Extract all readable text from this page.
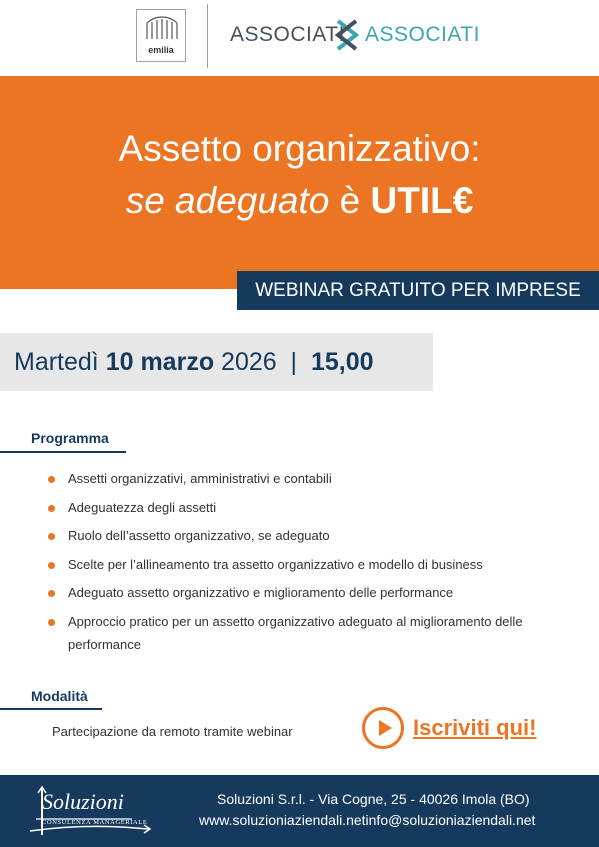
emilia
ASSOCIATI ASSOCIATI
Assetto organizzativo:
se adeguato è UTIL€
WEBINAR GRATUITO PER IMPRESE
Martedì 10 marzo 2026  |  15,00
Programma
Assetti organizzativi, amministrativi e contabili
Adeguatezza degli assetti
Ruolo dell’assetto organizzativo, se adeguato
Scelte per l’allineamento tra assetto organizzativo e modello di business
Adeguato assetto organizzativo e miglioramento delle performance
Approccio pratico per un assetto organizzativo adeguato al miglioramento delle performance
Modalità
Partecipazione da remoto tramite webinar	Iscriviti qui!
Soluzioni
CONSULENZA MANAGERIALE
Soluzioni S.r.l. - Via Cogne, 25 - 40026 Imola (BO)
www.soluzioniaziendali.netinfo@soluzioniaziendali.net
